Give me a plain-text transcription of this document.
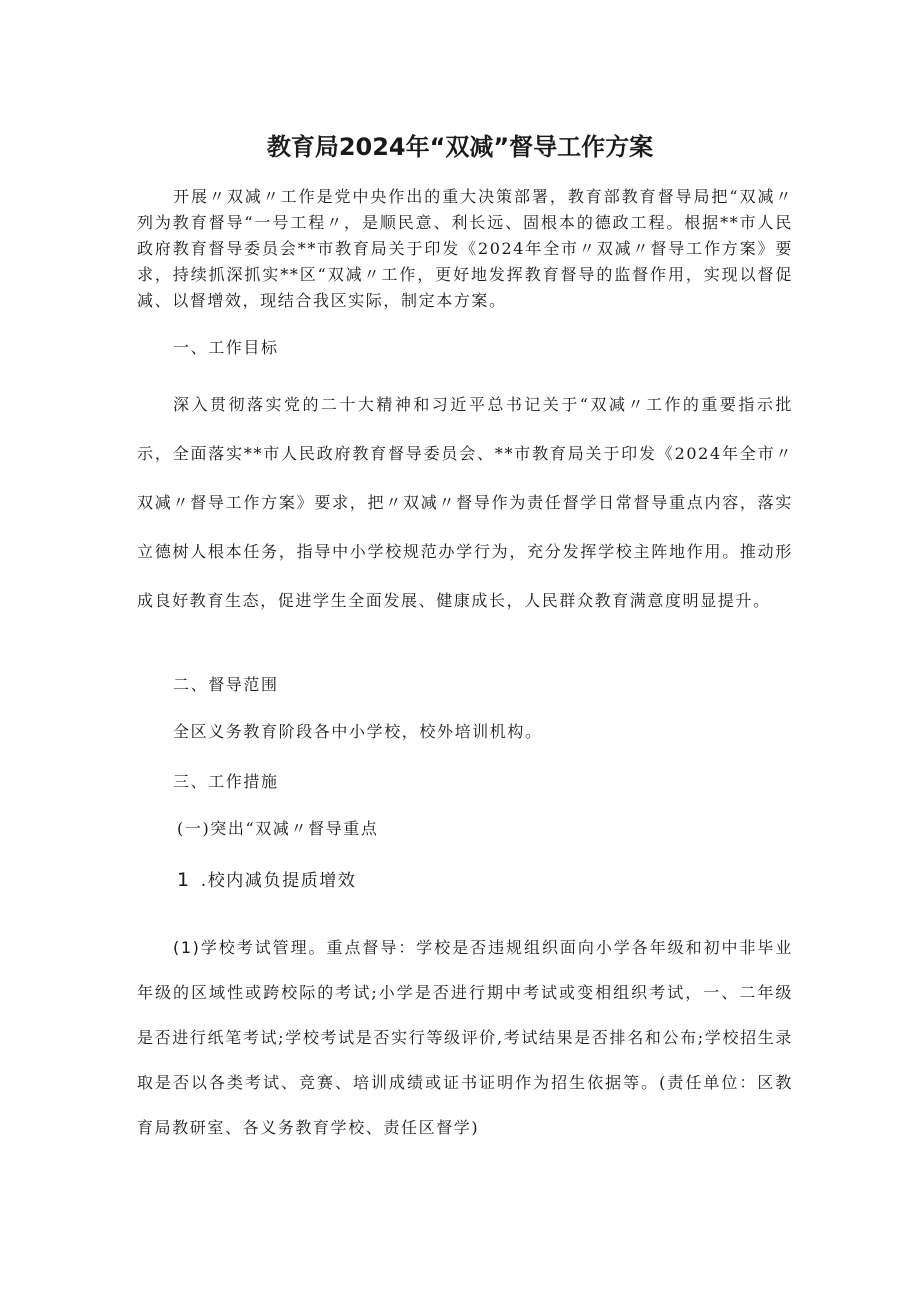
教育局2024年“双减”督导工作方案

开展〃双减〃工作是党中央作出的重大决策部署，教育部教育督导局把“双减〃列为教育督导“一号工程〃，是顺民意、利长远、固根本的德政工程。根据**市人民政府教育督导委员会**市教育局关于印发《2024年全市〃双减〃督导工作方案》要求，持续抓深抓实**区“双减〃工作，更好地发挥教育督导的监督作用，实现以督促减、以督增效，现结合我区实际，制定本方案。

一、工作目标

深入贯彻落实党的二十大精神和习近平总书记关于“双减〃工作的重要指示批示，全面落实**市人民政府教育督导委员会、**市教育局关于印发《2024年全市〃双减〃督导工作方案》要求，把〃双减〃督导作为责任督学日常督导重点内容，落实立德树人根本任务，指导中小学校规范办学行为，充分发挥学校主阵地作用。推动形成良好教育生态，促进学生全面发展、健康成长，人民群众教育满意度明显提升。

二、督导范围

全区义务教育阶段各中小学校，校外培训机构。

三、工作措施

(一)突出“双减〃督导重点

1 .校内减负提质增效

(1)学校考试管理。重点督导：学校是否违规组织面向小学各年级和初中非毕业年级的区域性或跨校际的考试;小学是否进行期中考试或变相组织考试，一、二年级是否进行纸笔考试;学校考试是否实行等级评价,考试结果是否排名和公布;学校招生录取是否以各类考试、竞赛、培训成绩或证书证明作为招生依据等。(责任单位：区教育局教研室、各义务教育学校、责任区督学)
